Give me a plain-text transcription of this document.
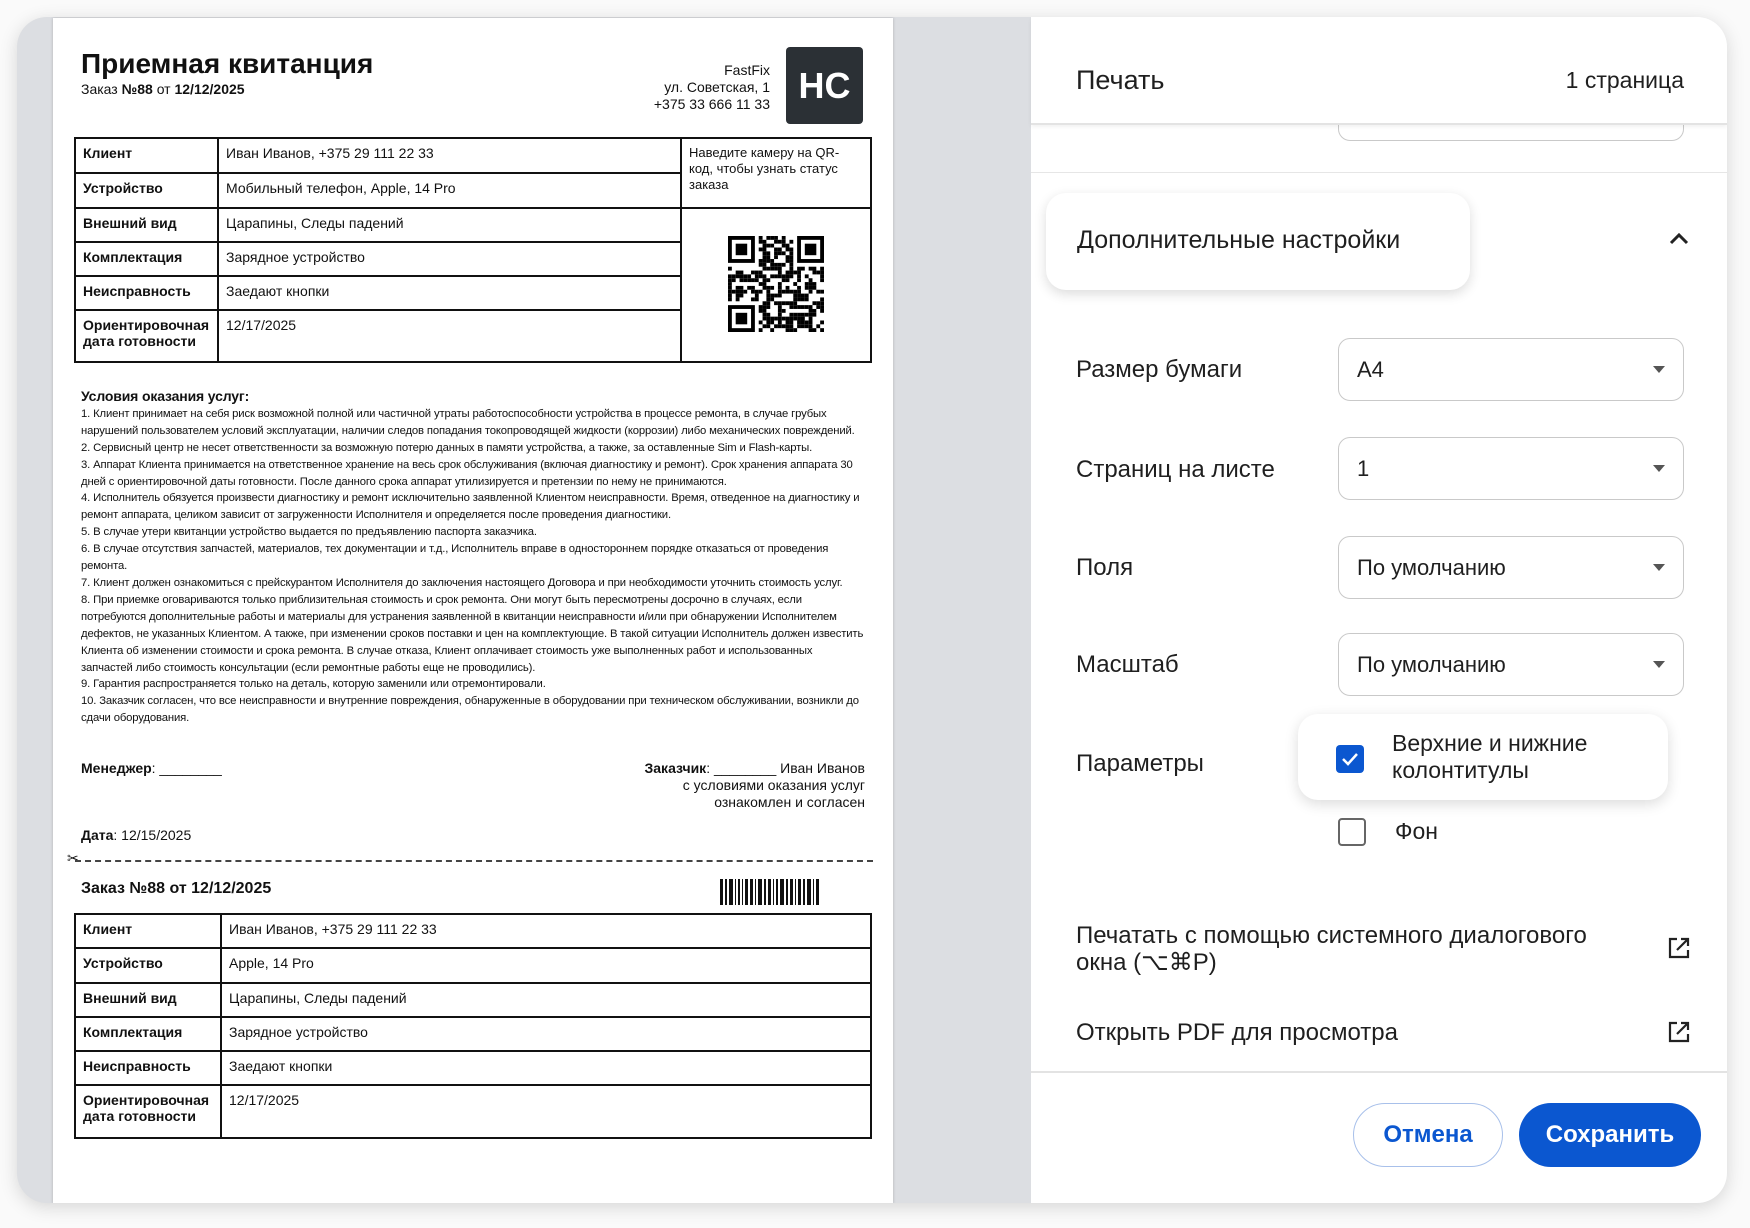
Приемная квитанция
Заказ №88 от 12/12/2025
FastFix
ул. Советская, 1
+375 33 666 11 33 НС
Клиент	Иван Иванов, +375 29 111 22 33	Наведите камеру на QR-код, чтобы узнать статус заказа
Устройство	Мобильный телефон, Apple, 14 Pro	
Внешний вид	Царапины, Следы падений	
Комплектация	Зарядное устройство	
Неисправность	Заедают кнопки	
Ориентировочная дата готовности	12/17/2025	
Условия оказания услуг:
1. Клиент принимает на себя риск возможной полной или частичной утраты работоспособности устройства в процессе ремонта, в случае грубых нарушений пользователем условий эксплуатации, наличии следов попадания токопроводящей жидкости (коррозии) либо механических повреждений.
2. Сервисный центр не несет ответственности за возможную потерю данных в памяти устройства, а также, за оставленные Sim и Flash-карты.
3. Аппарат Клиента принимается на ответственное хранение на весь срок обслуживания (включая диагностику и ремонт). Срок хранения аппарата 30 дней с ориентировочной даты готовности. После данного срока аппарат утилизируется и претензии по нему не принимаются.
4. Исполнитель обязуется произвести диагностику и ремонт исключительно заявленной Клиентом неисправности. Время, отведенное на диагностику и ремонт аппарата, целиком зависит от загруженности Исполнителя и определяется после проведения диагностики.
5. В случае утери квитанции устройство выдается по предъявлению паспорта заказчика.
6. В случае отсутствия запчастей, материалов, тех документации и т.д., Исполнитель вправе в одностороннем порядке отказаться от проведения ремонта.
7. Клиент должен ознакомиться с прейскурантом Исполнителя до заключения настоящего Договора и при необходимости уточнить стоимость услуг.
8. При приемке оговариваются только приблизительная стоимость и срок ремонта. Они могут быть пересмотрены досрочно в случаях, если потребуются дополнительные работы и материалы для устранения заявленной в квитанции неисправности и/или при обнаружении Исполнителем дефектов, не указанных Клиентом. А также, при изменении сроков поставки и цен на комплектующие. В такой ситуации Исполнитель должен известить Клиента об изменении стоимости и срока ремонта. В случае отказа, Клиент оплачивает стоимость уже выполненных работ и использованных запчастей либо стоимость консультации (если ремонтные работы еще не проводились).
9. Гарантия распространяется только на деталь, которую заменили или отремонтировали.
10. Заказчик согласен, что все неисправности и внутренние повреждения, обнаруженные в оборудовании при техническом обслуживании, возникли до сдачи оборудования.
Менеджер: ________	Заказчик: ________ Иван Иванов
с условиями оказания услуг
ознакомлен и согласен
Дата: 12/15/2025
✂
Заказ №88 от 12/12/2025
Клиент	Иван Иванов, +375 29 111 22 33
Устройство	Apple, 14 Pro
Внешний вид	Царапины, Следы падений
Комплектация	Зарядное устройство
Неисправность	Заедают кнопки
Ориентировочная дата готовности	12/17/2025
Печать	1 страница
Дополнительные настройки
Размер бумаги	A4
Страниц на листе	1
Поля	По умолчанию
Масштаб	По умолчанию
Параметры
Верхние и нижние колонтитулы
Фон
Печатать с помощью системного диалогового окна (⌥⌘P)
Открыть PDF для просмотра
Отмена	Сохранить
